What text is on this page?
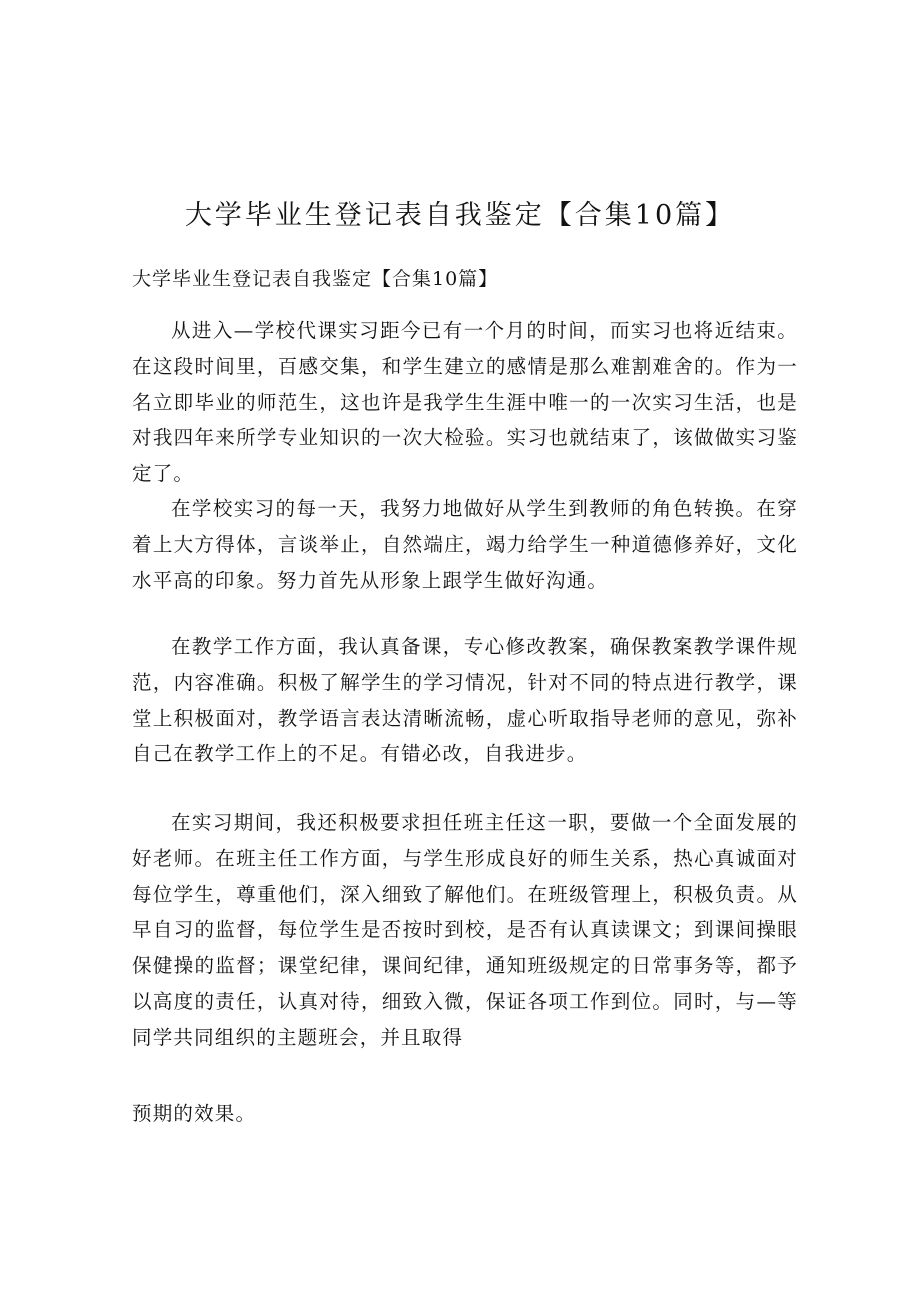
大学毕业生登记表自我鉴定【合集10篇】

大学毕业生登记表自我鉴定【合集10篇】

从进入—学校代课实习距今已有一个月的时间，而实习也将近结束。在这段时间里，百感交集，和学生建立的感情是那么难割难舍的。作为一名立即毕业的师范生，这也许是我学生生涯中唯一的一次实习生活，也是对我四年来所学专业知识的一次大检验。实习也就结束了，该做做实习鉴定了。

在学校实习的每一天，我努力地做好从学生到教师的角色转换。在穿着上大方得体，言谈举止，自然端庄，竭力给学生一种道德修养好，文化水平高的印象。努力首先从形象上跟学生做好沟通。

在教学工作方面，我认真备课，专心修改教案，确保教案教学课件规范，内容准确。积极了解学生的学习情况，针对不同的特点进行教学，课堂上积极面对，教学语言表达清晰流畅，虚心听取指导老师的意见，弥补自己在教学工作上的不足。有错必改，自我进步。

在实习期间，我还积极要求担任班主任这一职，要做一个全面发展的好老师。在班主任工作方面，与学生形成良好的师生关系，热心真诚面对每位学生，尊重他们，深入细致了解他们。在班级管理上，积极负责。从早自习的监督，每位学生是否按时到校，是否有认真读课文；到课间操眼保健操的监督；课堂纪律，课间纪律，通知班级规定的日常事务等，都予以高度的责任，认真对待，细致入微，保证各项工作到位。同时，与—等同学共同组织的主题班会，并且取得

预期的效果。
